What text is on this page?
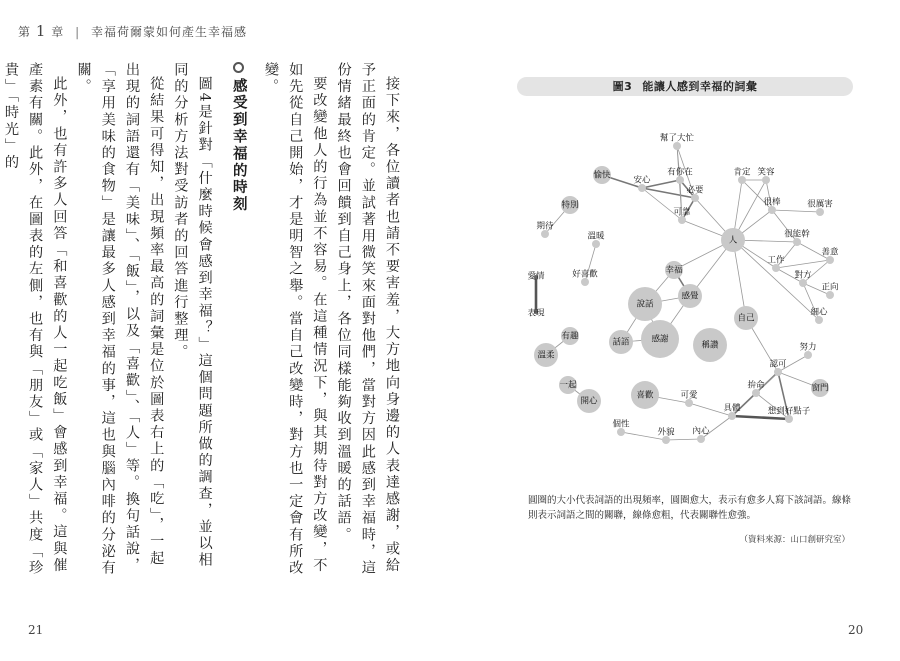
第 1 章 | 幸福荷爾蒙如何產生幸福感

接下來，各位讀者也請不要害羞，大方地向身邊的人表達感謝，或給予正面的肯定。並試著用微笑來面對他們，當對方因此感到幸福時，這份情緒最終也會回饋到自己身上，各位同樣能夠收到溫暖的話語。

要改變他人的行為並不容易。在這種情況下，與其期待對方改變，不如先從自己開始，才是明智之舉。當自己改變時，對方也一定會有所改變。

感受到幸福的時刻

圖4是針對「什麼時候會感到幸福？」這個問題所做的調查，並以相同的分析方法對受訪者的回答進行整理。

從結果可得知，出現頻率最高的詞彙是位於圖表右上的「吃」，一起出現的詞語還有「美味」、「飯」，以及「喜歡」、「人」等。換句話說，「享用美味的食物」是讓最多人感到幸福的事，這也與腦內啡的分泌有關。

此外，也有許多人回答「和喜歡的人一起吃飯」會感到幸福。這與催產素有關。此外，在圖表的左側，也有與「朋友」或「家人」共度「珍貴」「時光」的

21	20
圖3 能讓人感到幸福的詞彙
愉快	安心
幫了大忙
有你在
必要
可靠
特別
期待
肯定 笑容
人
很棒	很厲害
很能幹
善意
工作
對方
正向
細心
溫暖
好喜歡	幸福
感覺
說話
感謝
話語	稱讚
自己
愛情
表現
有趣
溫柔
努力
認可
窗門
一起
開心
喜歡	可愛
拚命
具體	想到好點子
個性
外貌 內心
圓圈的大小代表詞語的出現頻率，圓圈愈大，表示有愈多人寫下該詞語。線條則表示詞語之間的關聯，線條愈粗，代表關聯性愈強。
（資料來源：山口創研究室）
